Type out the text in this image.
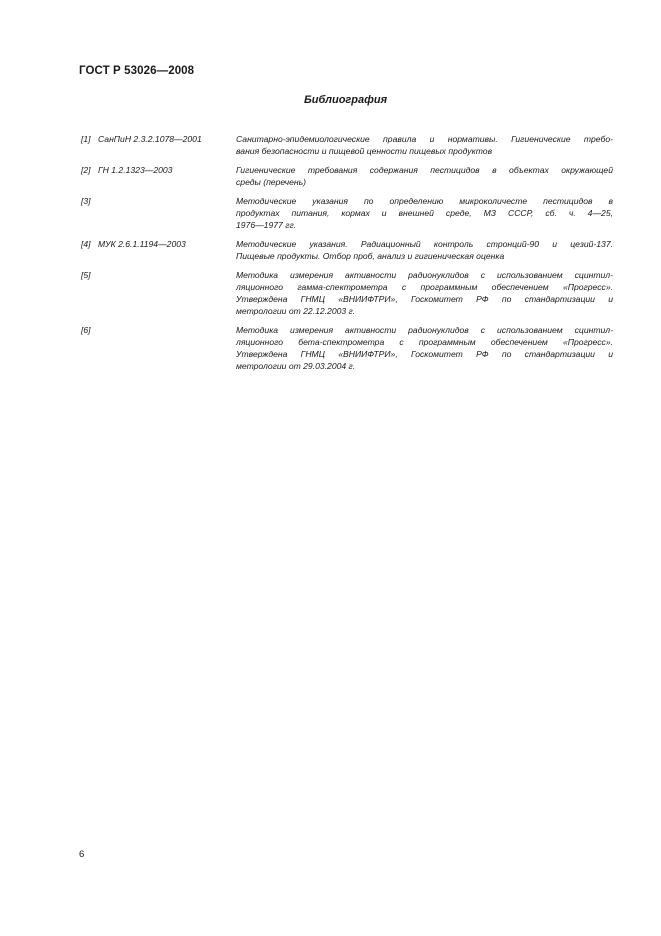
ГОСТ Р 53026—2008
Библиография
[1] СанПиН 2.3.2.1078—2001	Санитарно-эпидемиологические правила и нормативы. Гигиенические требо-
вания безопасности и пищевой ценности пищевых продуктов
[2] ГН 1.2.1323—2003	Гигиенические требования содержания пестицидов в объектах окружающей
среды (перечень)
[3]	Методические указания по определению микроколичесте пестицидов в
продуктах питания, кормах и внешней среде, МЗ СССР, сб. ч. 4—25,
1976—1977 гг.
[4] МУК 2.6.1.1194—2003	Методические указания. Радиационный контроль стронций-90 и цезий-137.
Пищевые продукты. Отбор проб, анализ и гигиеническая оценка
[5]	Методика измерения активности радионуклидов с использованием сцинтил-
ляционного гамма-спектрометра с программным обеспечением «Прогресс».
Утверждена ГНМЦ «ВНИИФТРИ», Госкомитет РФ по стандартизации и
метрологии от 22.12.2003 г.
[6]	Методика измерения активности радионуклидов с использованием сцинтил-
ляционного бета-спектрометра с программным обеспечением «Прогресс».
Утверждена ГНМЦ «ВНИИФТРИ», Госкомитет РФ по стандартизации и
метрологии от 29.03.2004 г.
6
